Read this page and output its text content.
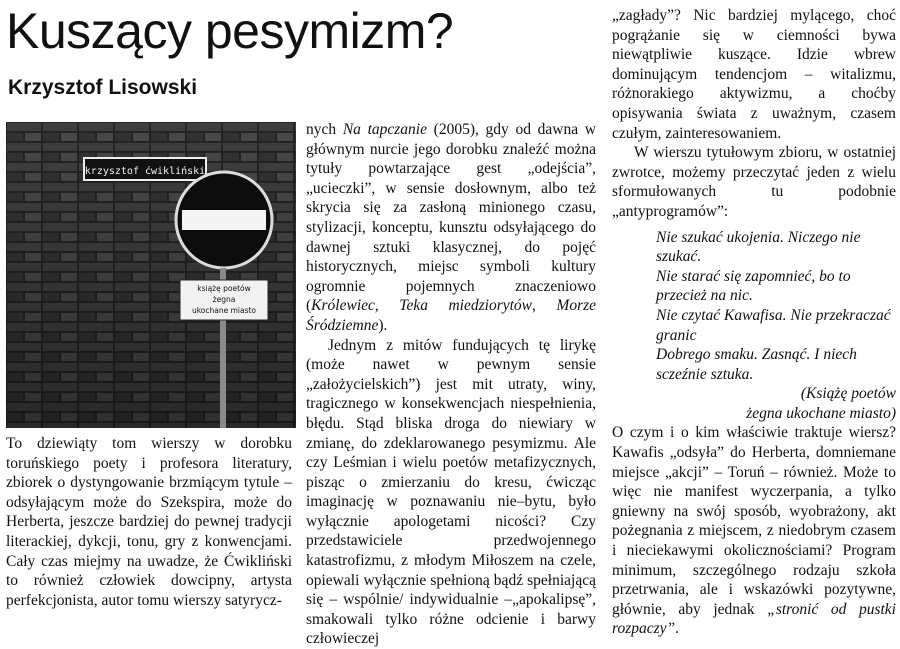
Kuszący pesymizm?
Krzysztof Lisowski
krzysztof ćwikliński
książę poetów
żegna
ukochane miasto

To dziewiąty tom wierszy w dorobku toruńskiego poety i profesora literatury, zbiorek o dystyngowanie brzmiącym tytule – odsyłającym może do Szekspira, może do Herberta, jeszcze bardziej do pewnej tradycji literackiej, dykcji, tonu, gry z konwencjami. Cały czas miejmy na uwadze, że Ćwikliński to również człowiek dowcipny, artysta perfekcjonista, autor tomu wierszy satyrycz-

nych Na tapczanie (2005), gdy od dawna w głównym nurcie jego dorobku znaleźć można tytuły powtarzające gest „odejścia”, „ucieczki”, w sensie dosłownym, albo też skrycia się za zasłoną minionego czasu, stylizacji, konceptu, kunsztu odsyłającego do dawnej sztuki klasycznej, do pojęć historycznych, miejsc symboli kultury ogromnie pojemnych znaczeniowo (Królewiec, Teka miedziorytów, Morze Śródziemne).

Jednym z mitów fundujących tę lirykę (może nawet w pewnym sensie „założycielskich”) jest mit utraty, winy, tragicznego w konsekwencjach niespełnienia, błędu. Stąd bliska droga do niewiary w zmianę, do zdeklarowanego pesymizmu. Ale czy Leśmian i wielu poetów metafizycznych, pisząc o zmierzaniu do kresu, ćwicząc imaginację w poznawaniu nie–bytu, było wyłącznie apologetami nicości? Czy przedstawiciele przedwojennego katastrofizmu, z młodym Miłoszem na czele, opiewali wyłącznie spełnioną bądź spełniającą się – wspólnie/ indywidualnie –„apokalipsę”, smakowali tylko różne odcienie i barwy człowieczej

„zagłady”? Nic bardziej mylącego, choć pogrążanie się w ciemności bywa niewątpliwie kuszące. Idzie wbrew dominującym tendencjom – witalizmu, różnorakiego aktywizmu, a choćby opisywania świata z uważnym, czasem czułym, zainteresowaniem.

W wierszu tytułowym zbioru, w ostatniej zwrotce, możemy przeczytać jeden z wielu sformułowanych tu podobnie „antyprogramów”:

Nie szukać ukojenia. Niczego nie
szukać.
Nie starać się zapomnieć, bo to
przecież na nic.
Nie czytać Kawafisa. Nie przekraczać
granic
Dobrego smaku. Zasnąć. I niech
sczeźnie sztuka.
(Książę poetów
żegna ukochane miasto)

O czym i o kim właściwie traktuje wiersz? Kawafis „odsyła” do Herberta, domniemane miejsce „akcji” – Toruń – również. Może to więc nie manifest wyczerpania, a tylko gniewny na swój sposób, wyobrażony, akt pożegnania z miejscem, z niedobrym czasem i nieciekawymi okolicznościami? Program minimum, szczególnego rodzaju szkoła przetrwania, ale i wskazówki pozytywne, głównie, aby jednak „stronić od pustki rozpaczy”.
